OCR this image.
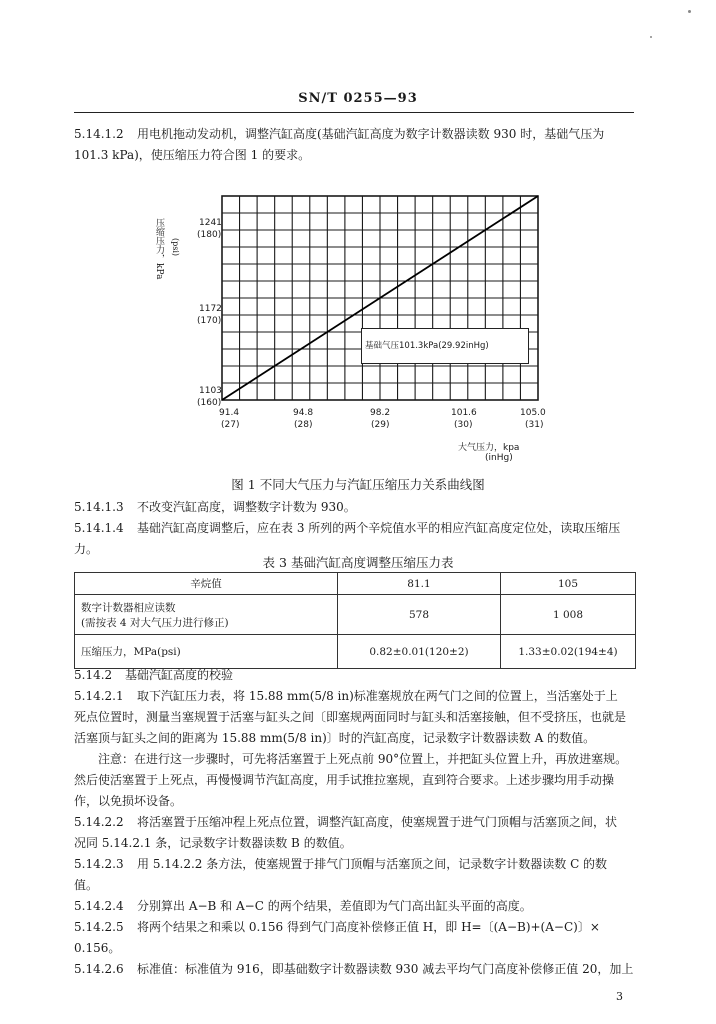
SN/T 0255—93
5.14.1.2 用电机拖动发动机，调整汽缸高度(基础汽缸高度为数字计数器读数 930 时，基础气压为
101.3 kPa)，使压缩压力符合图 1 的要求。
压缩压力，kPa (psi)
1241
(180)
1172
(170)
1103
(160)
基础气压101.3kPa(29.92inHg)
91.4
(27)
94.8
(28)
98.2
(29)
101.6
(30)
105.0
(31)
大气压力，kpa
(inHg)
图 1 不同大气压力与汽缸压缩压力关系曲线图
5.14.1.3 不改变汽缸高度，调整数字计数为 930。
5.14.1.4 基础汽缸高度调整后，应在表 3 所列的两个辛烷值水平的相应汽缸高度定位处，读取压缩压
力。
表 3 基础汽缸高度调整压缩压力表
辛烷值	81.1	105

数字计数器相应读数
(需按表 4 对大气压力进行修正)	578	1 008
压缩压力，MPa(psi)	0.82±0.01(120±2)	1.33±0.02(194±4)
5.14.2 基础汽缸高度的校验
5.14.2.1 取下汽缸压力表，将 15.88 mm(5/8 in)标准塞规放在两气门之间的位置上，当活塞处于上
死点位置时，测量当塞规置于活塞与缸头之间〔即塞规两面同时与缸头和活塞接触，但不受挤压，也就是
活塞顶与缸头之间的距离为 15.88 mm(5/8 in)〕时的汽缸高度，记录数字计数器读数 A 的数值。
注意：在进行这一步骤时，可先将活塞置于上死点前 90°位置上，并把缸头位置上升，再放进塞规。
然后使活塞置于上死点，再慢慢调节汽缸高度，用手试推拉塞规，直到符合要求。上述步骤均用手动操
作，以免损坏设备。
5.14.2.2 将活塞置于压缩冲程上死点位置，调整汽缸高度，使塞规置于进气门顶帽与活塞顶之间，状
况同 5.14.2.1 条，记录数字计数器读数 B 的数值。
5.14.2.3 用 5.14.2.2 条方法，使塞规置于排气门顶帽与活塞顶之间，记录数字计数器读数 C 的数
值。
5.14.2.4 分别算出 A−B 和 A−C 的两个结果，差值即为气门高出缸头平面的高度。
5.14.2.5 将两个结果之和乘以 0.156 得到气门高度补偿修正值 H，即 H=〔(A−B)+(A−C)〕×
0.156。
5.14.2.6 标准值：标准值为 916，即基础数字计数器读数 930 减去平均气门高度补偿修正值 20，加上
3
